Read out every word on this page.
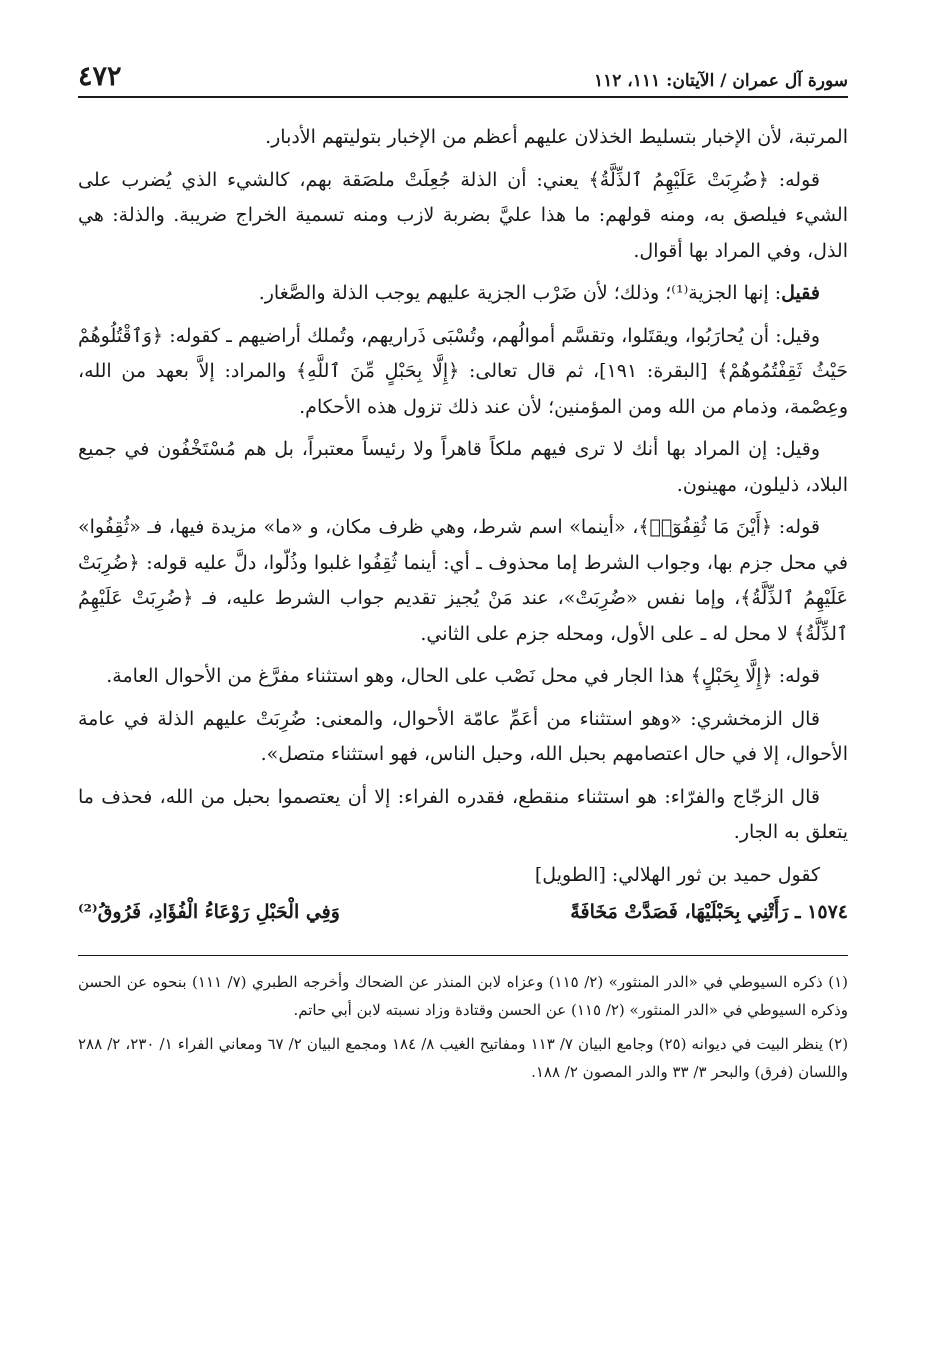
سورة آل عمران / الآيتان: ١١١، ١١٢
٤٧٢

المرتبة، لأن الإخبار بتسليط الخذلان عليهم أعظم من الإخبار بتوليتهم الأدبار.

قوله: ﴿ضُرِبَتْ عَلَيْهِمُ ٱلذِّلَّةُ﴾ يعني: أن الذلة جُعِلَتْ ملصَقة بهم، كالشيء الذي يُضرب على الشيء فيلصق به، ومنه قولهم: ما هذا عليَّ بضربة لازب ومنه تسمية الخراج ضريبة. والذلة: هي الذل، وفي المراد بها أقوال.

فقيل: إنها الجزية⁽¹⁾؛ وذلك؛ لأن ضَرْب الجزية عليهم يوجب الذلة والصَّغار.

وقيل: أن يُحارَبُوا، ويقتَلوا، وتقسَّم أموالُهم، وتُسْبَى ذَراريهم، وتُملك أراضيهم ـ كقوله: ﴿وَٱقْتُلُوهُمْ حَيْثُ ثَقِفْتُمُوهُمْ﴾ [البقرة: ١٩١]، ثم قال تعالى: ﴿إِلَّا بِحَبْلٍ مِّنَ ٱللَّهِ﴾ والمراد: إلاَّ بعهد من الله، وعِصْمة، وذمام من الله ومن المؤمنين؛ لأن عند ذلك تزول هذه الأحكام.

وقيل: إن المراد بها أنك لا ترى فيهم ملكاً قاهراً ولا رئيساً معتبراً، بل هم مُسْتَخْفُون في جميع البلاد، ذليلون، مهينون.

قوله: ﴿أَيْنَ مَا ثُقِفُوٓا۟﴾، «أينما» اسم شرط، وهي ظرف مكان، و «ما» مزيدة فيها، فـ «ثُقِفُوا» في محل جزم بها، وجواب الشرط إما محذوف ـ أي: أينما ثُقِفُوا غلبوا وذُلّوا، دلَّ عليه قوله: ﴿ضُرِبَتْ عَلَيْهِمُ ٱلذِّلَّةُ﴾، وإما نفس «ضُرِبَتْ»، عند مَنْ يُجيز تقديم جواب الشرط عليه، فـ ﴿ضُرِبَتْ عَلَيْهِمُ ٱلذِّلَّةُ﴾ لا محل له ـ على الأول، ومحله جزم على الثاني.

قوله: ﴿إِلَّا بِحَبْلٍ﴾ هذا الجار في محل نَصْب على الحال، وهو استثناء مفرَّغ من الأحوال العامة.

قال الزمخشري: «وهو استثناء من أعَمِّ عامّة الأحوال، والمعنى: ضُرِبَتْ عليهم الذلة في عامة الأحوال، إلا في حال اعتصامهم بحبل الله، وحبل الناس، فهو استثناء متصل».

قال الزجّاج والفرّاء: هو استثناء منقطع، فقدره الفراء: إلا أن يعتصموا بحبل من الله، فحذف ما يتعلق به الجار.

كقول حميد بن ثور الهلالي: [الطويل]

١٥٧٤ ـ رَأَتْنِي بِحَبْلَيْهَا، فَصَدَّتْ مَخَافَةً
وَفِي الْحَبْلِ رَوْعَاءُ الْفُؤَادِ، فَرُوقُ⁽²⁾

(١) ذكره السيوطي في «الدر المنثور» (٢/ ١١٥) وعزاه لابن المنذر عن الضحاك وأخرجه الطبري (٧/ ١١١) بنحوه عن الحسن وذكره السيوطي في «الدر المنثور» (٢/ ١١٥) عن الحسن وقتادة وزاد نسبته لابن أبي حاتم.

(٢) ينظر البيت في ديوانه (٢٥) وجامع البيان ٧/ ١١٣ ومفاتيح الغيب ٨/ ١٨٤ ومجمع البيان ٢/ ٦٧ ومعاني الفراء ١/ ٢٣٠، ٢/ ٢٨٨ واللسان (فرق) والبحر ٣/ ٣٣ والدر المصون ٢/ ١٨٨.
